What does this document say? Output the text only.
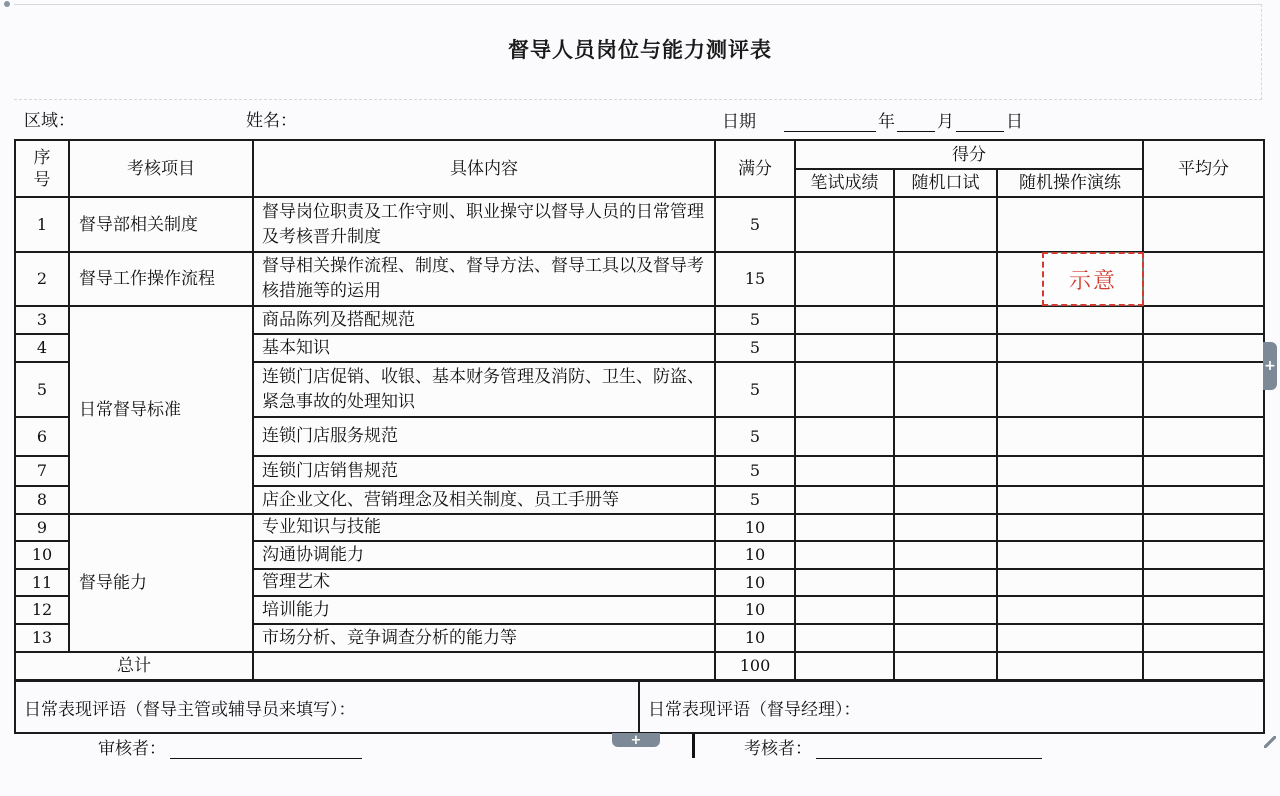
督导人员岗位与能力测评表
区域：	姓名：	日期	年 月	日
序号	考核项目	具体内容	满分	得分			平均分
				笔试成绩	随机口试	随机操作演练	
1	督导部相关制度	督导岗位职责及工作守则、职业操守以督导人员的日常管理及考核晋升制度	5				
2	督导工作操作流程	督导相关操作流程、制度、督导方法、督导工具以及督导考核措施等的运用	15				
3	日常督导标准	商品陈列及搭配规范	5				
4		基本知识	5				
5		连锁门店促销、收银、基本财务管理及消防、卫生、防盗、紧急事故的处理知识	5				
6		连锁门店服务规范	5				
7		连锁门店销售规范	5				
8		店企业文化、营销理念及相关制度、员工手册等	5				
9	督导能力	专业知识与技能	10				
10		沟通协调能力	10				
11		管理艺术	10				
12		培训能力	10				
13		市场分析、竞争调查分析的能力等	10				
总计			100				
日常表现评语（督导主管或辅导员来填写）：	日常表现评语（督导经理）：
审核者：	考核者：
示意
+
+
